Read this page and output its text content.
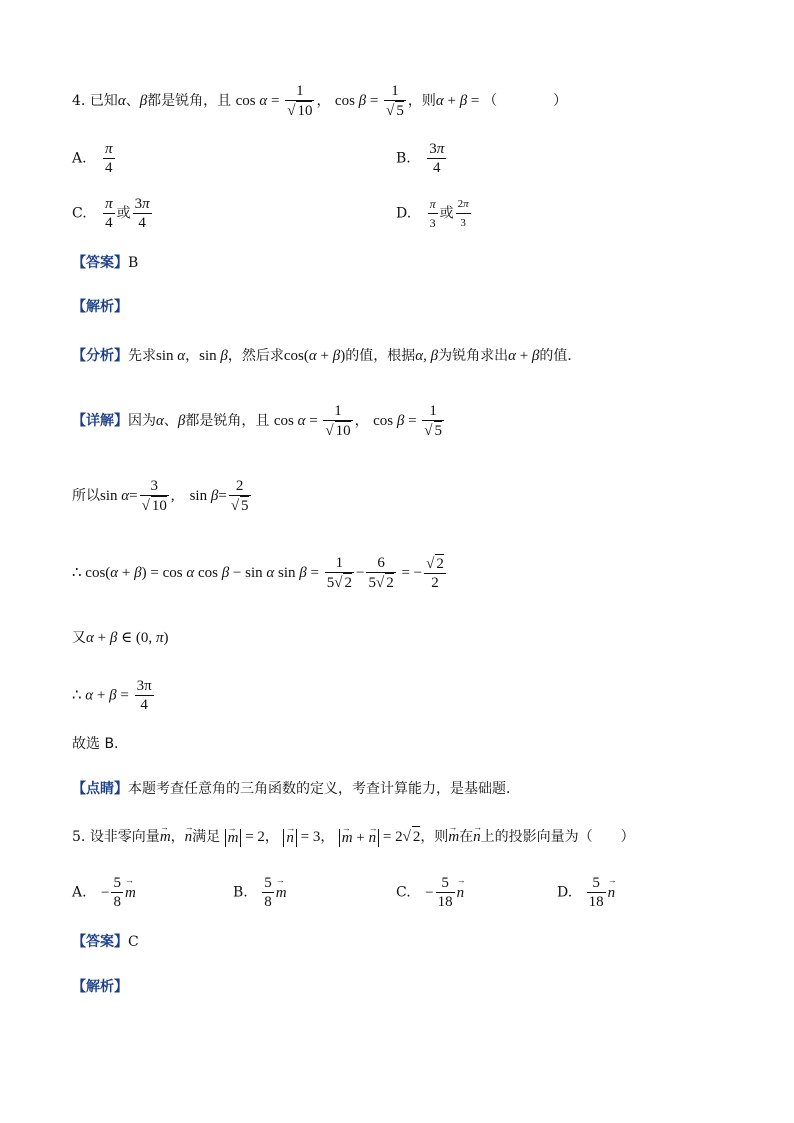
4. 已知α、β都是锐角，且 $\cos \alpha = \frac{1}{√ 10}$ ， $\cos \beta = \frac{1}{√ 5}$ ，则α + β = （　　　　）
A. $\frac{\pi}{4}$	B. $\frac{3\pi}{4}$
C. $\frac{\pi}{4}$ 或 $\frac{3\pi}{4}$	D. $\frac{\pi}{3}$ 或 $\frac{2\pi}{3}$
【答案】B
【解析】
【分析】先求sin α，sin β，然后求cos(α + β)的值，根据α, β为锐角求出α + β的值．
【详解】因为α、β都是锐角，且 $\cos \alpha = \frac{1}{√ 10}$ ， $\cos \beta = \frac{1}{√ 5}$
所以$\sin \alpha= \frac{3}{√ 10}$ ,　$\sin \beta= \frac{2}{√ 5}$
∴ cos(α + β) = cos α cos β − sin α $\sin \beta = \frac{1}{5√ 2} - \frac{6}{5√ 2}$ = − $\frac{√ 2}{2}$
又α + β ∈ (0, π)
∴ $\alpha + \beta = \frac{3\pi}{4}$
故选 B.
【点睛】本题考查任意角的三角函数的定义，考查计算能力，是基础题．
5. 设非零向量→ m，→ n满足 → m = 2， → n = 3， → m + → n = 2√ 2，则→ m在→ n上的投影向量为（　　）
A. − $\frac{5}{8}$
→ m	B. $\frac{5}{8}$
→ m	C. − $\frac{5}{18}$
→ n	D. $\frac{5}{18}$
→ n
【答案】C
【解析】
